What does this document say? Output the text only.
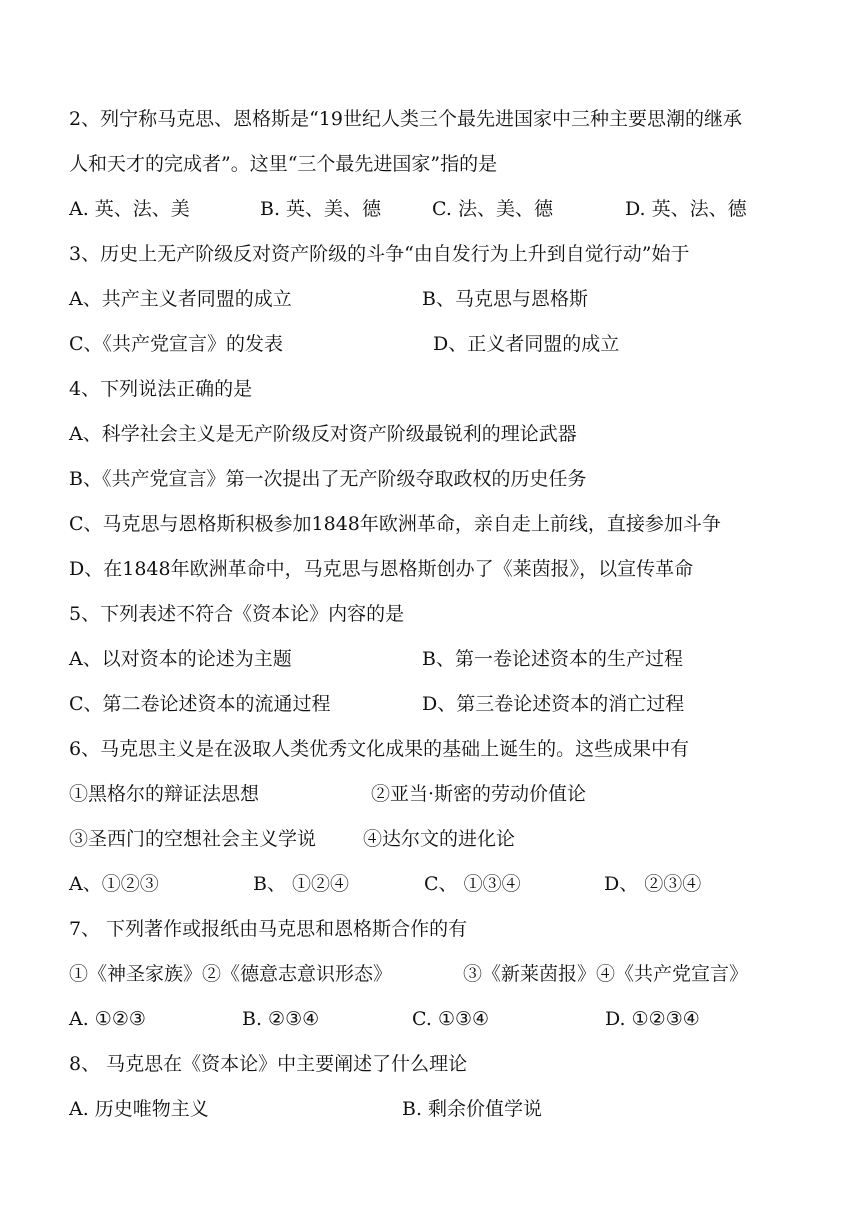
2、列宁称马克思、恩格斯是“19世纪人类三个最先进国家中三种主要思潮的继承
人和天才的完成者”。这里“三个最先进国家”指的是
A. 英、法、美	B. 英、美、德	C. 法、美、德	D. 英、法、德
3、历史上无产阶级反对资产阶级的斗争“由自发行为上升到自觉行动”始于
A、共产主义者同盟的成立	B、马克思与恩格斯
C、《共产党宣言》的发表	D、正义者同盟的成立
4、下列说法正确的是
A、科学社会主义是无产阶级反对资产阶级最锐利的理论武器
B、《共产党宣言》第一次提出了无产阶级夺取政权的历史任务
C、马克思与恩格斯积极参加1848年欧洲革命，亲自走上前线，直接参加斗争
D、在1848年欧洲革命中，马克思与恩格斯创办了《莱茵报》，以宣传革命
5、下列表述不符合《资本论》内容的是
A、以对资本的论述为主题	B、第一卷论述资本的生产过程
C、第二卷论述资本的流通过程	D、第三卷论述资本的消亡过程
6、马克思主义是在汲取人类优秀文化成果的基础上诞生的。这些成果中有
①黑格尔的辩证法思想	②亚当·斯密的劳动价值论
③圣西门的空想社会主义学说 ④达尔文的进化论
A、①②③	B、 ①②④	C、 ①③④	D、 ②③④
7、 下列著作或报纸由马克思和恩格斯合作的有
①《神圣家族》②《德意志意识形态》	③《新莱茵报》④《共产党宣言》
A. ①②③	B. ②③④	C. ①③④	D. ①②③④
8、 马克思在《资本论》中主要阐述了什么理论
A. 历史唯物主义	B. 剩余价值学说
